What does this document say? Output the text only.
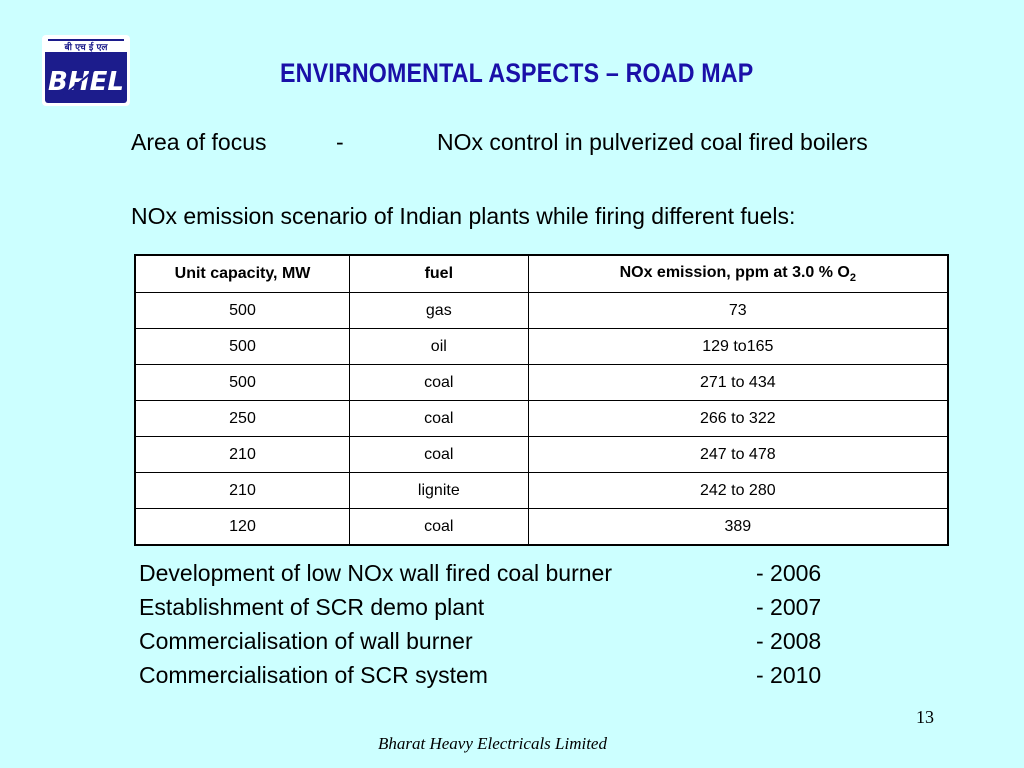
बी एच ई एल
BHEL	ENVIRNOMENTAL ASPECTS – ROAD MAP
Area of focus	-	NOx control in pulverized coal fired boilers
NOx emission scenario of Indian plants while firing different fuels:
Unit capacity, MW	fuel	NOx emission, ppm at 3.0 % $O_2$
500	gas	73
500	oil	129 to165
500	coal	271 to 434
250	coal	266 to 322
210	coal	247 to 478
210	lignite	242 to 280
120	coal	389
Development of low NOx wall fired coal burner	- 2006
Establishment of SCR demo plant	- 2007
Commercialisation of wall burner	- 2008
Commercialisation of SCR system	- 2010
13
Bharat Heavy Electricals Limited
